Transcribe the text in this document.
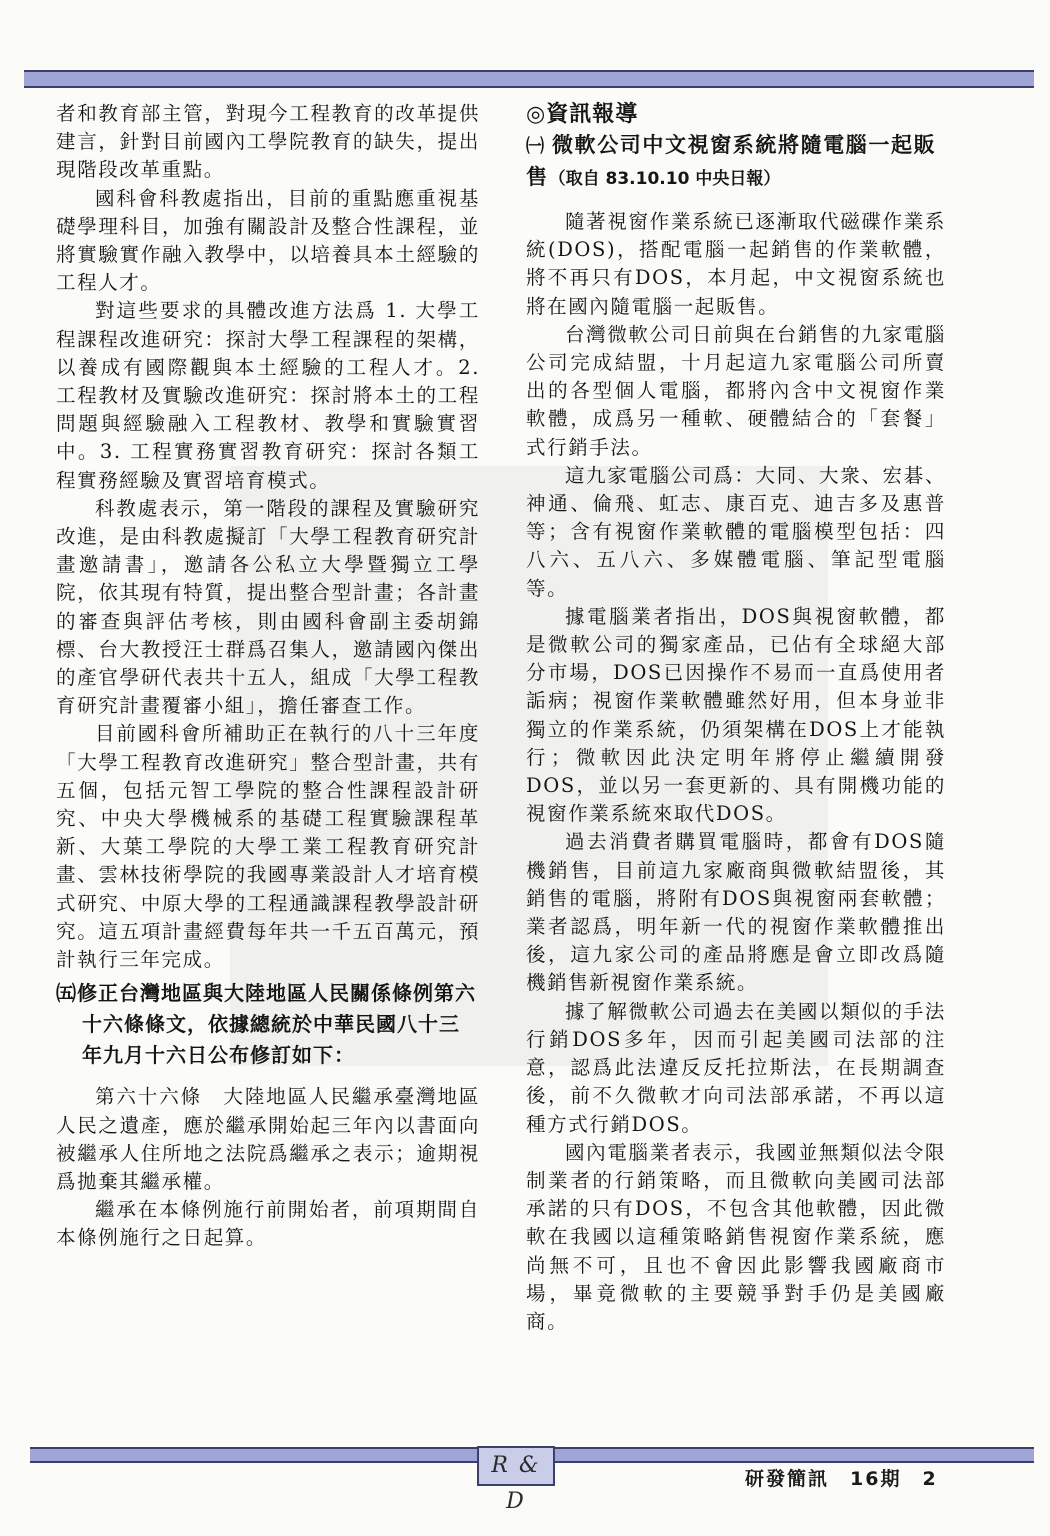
者和教育部主管，對現今工程教育的改革提供建言，針對目前國內工學院教育的缺失，提出現階段改革重點。

國科會科教處指出，目前的重點應重視基礎學理科目，加強有關設計及整合性課程，並將實驗實作融入教學中，以培養具本土經驗的工程人才。

對這些要求的具體改進方法爲 1. 大學工程課程改進研究：探討大學工程課程的架構，以養成有國際觀與本土經驗的工程人才。2. 工程教材及實驗改進研究：探討將本土的工程問題與經驗融入工程教材、教學和實驗實習中。3. 工程實務實習教育研究：探討各類工程實務經驗及實習培育模式。

科教處表示，第一階段的課程及實驗研究改進，是由科教處擬訂「大學工程教育研究計畫邀請書」，邀請各公私立大學暨獨立工學院，依其現有特質，提出整合型計畫；各計畫的審查與評估考核，則由國科會副主委胡錦標、台大教授汪士群爲召集人，邀請國內傑出的產官學研代表共十五人，組成「大學工程教育研究計畫覆審小組」，擔任審查工作。

目前國科會所補助正在執行的八十三年度「大學工程教育改進研究」整合型計畫，共有五個，包括元智工學院的整合性課程設計研究、中央大學機械系的基礎工程實驗課程革新、大葉工學院的大學工業工程教育研究計畫、雲林技術學院的我國專業設計人才培育模式研究、中原大學的工程通識課程教學設計研究。這五項計畫經費每年共一千五百萬元，預計執行三年完成。

㈤修正台灣地區與大陸地區人民關係條例第六十六條條文，依據總統於中華民國八十三年九月十六日公布修訂如下：

第六十六條　大陸地區人民繼承臺灣地區人民之遺產，應於繼承開始起三年內以書面向被繼承人住所地之法院爲繼承之表示；逾期視爲拋棄其繼承權。

繼承在本條例施行前開始者，前項期間自本條例施行之日起算。

◎資訊報導

㈠ 微軟公司中文視窗系統將隨電腦一起販售（取自 83.10.10 中央日報）

隨著視窗作業系統已逐漸取代磁碟作業系統(DOS)，搭配電腦一起銷售的作業軟體，將不再只有DOS，本月起，中文視窗系統也將在國內隨電腦一起販售。

台灣微軟公司日前與在台銷售的九家電腦公司完成結盟，十月起這九家電腦公司所賣出的各型個人電腦，都將內含中文視窗作業軟體，成爲另一種軟、硬體結合的「套餐」式行銷手法。

這九家電腦公司爲：大同、大衆、宏碁、神通、倫飛、虹志、康百克、迪吉多及惠普等；含有視窗作業軟體的電腦模型包括：四八六、五八六、多媒體電腦、筆記型電腦等。

據電腦業者指出，DOS與視窗軟體，都是微軟公司的獨家產品，已佔有全球絕大部分市場，DOS已因操作不易而一直爲使用者詬病；視窗作業軟體雖然好用，但本身並非獨立的作業系統，仍須架構在DOS上才能執行；微軟因此決定明年將停止繼續開發DOS，並以另一套更新的、具有開機功能的視窗作業系統來取代DOS。

過去消費者購買電腦時，都會有DOS隨機銷售，目前這九家廠商與微軟結盟後，其銷售的電腦，將附有DOS與視窗兩套軟體；業者認爲，明年新一代的視窗作業軟體推出後，這九家公司的產品將應是會立即改爲隨機銷售新視窗作業系統。

據了解微軟公司過去在美國以類似的手法行銷DOS多年，因而引起美國司法部的注意，認爲此法違反反托拉斯法，在長期調查後，前不久微軟才向司法部承諾，不再以這種方式行銷DOS。

國內電腦業者表示，我國並無類似法令限制業者的行銷策略，而且微軟向美國司法部承諾的只有DOS，不包含其他軟體，因此微軟在我國以這種策略銷售視窗作業系統，應尚無不可，且也不會因此影響我國廠商市場，畢竟微軟的主要競爭對手仍是美國廠商。

R & D
研發簡訊　16期　2
